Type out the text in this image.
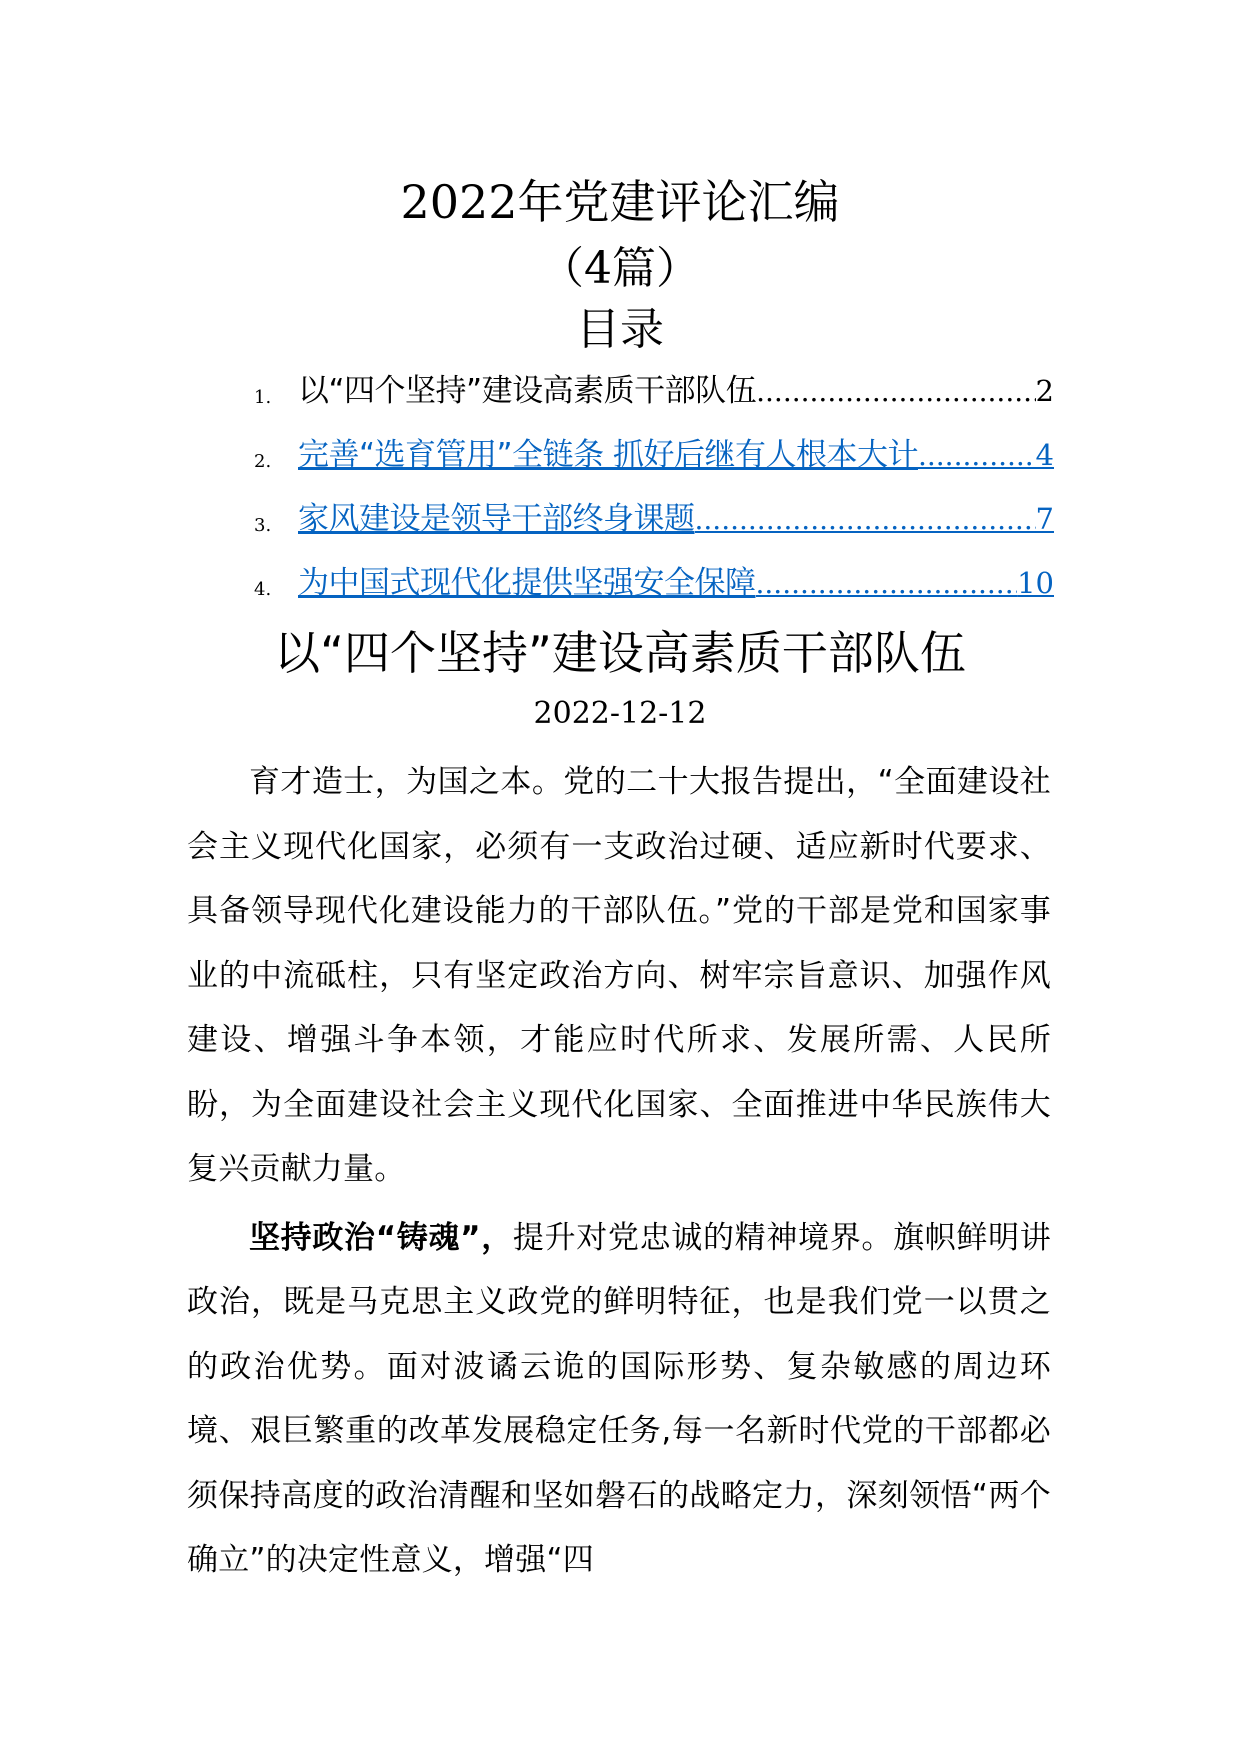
2022年党建评论汇编
（4篇）
目录
1. 以“四个坚持”建设高素质干部队伍 .....	2
2. 完善“选育管用”全链条 抓好后继有人根本大计 .....	4
3. 家风建设是领导干部终身课题 .....	7
4. 为中国式现代化提供坚强安全保障 .....	10
以“四个坚持”建设高素质干部队伍
2022-12-12

育才造士，为国之本。党的二十大报告提出，“全面建设社会主义现代化国家，必须有一支政治过硬、适应新时代要求、具备领导现代化建设能力的干部队伍。”党的干部是党和国家事业的中流砥柱，只有坚定政治方向、树牢宗旨意识、加强作风建设、增强斗争本领，才能应时代所求、发展所需、人民所盼，为全面建设社会主义现代化国家、全面推进中华民族伟大复兴贡献力量。

坚持政治“铸魂”，提升对党忠诚的精神境界。旗帜鲜明讲政治，既是马克思主义政党的鲜明特征，也是我们党一以贯之的政治优势。面对波谲云诡的国际形势、复杂敏感的周边环境、艰巨繁重的改革发展稳定任务,每一名新时代党的干部都必须保持高度的政治清醒和坚如磐石的战略定力，深刻领悟“两个确立”的决定性意义，增强“四
